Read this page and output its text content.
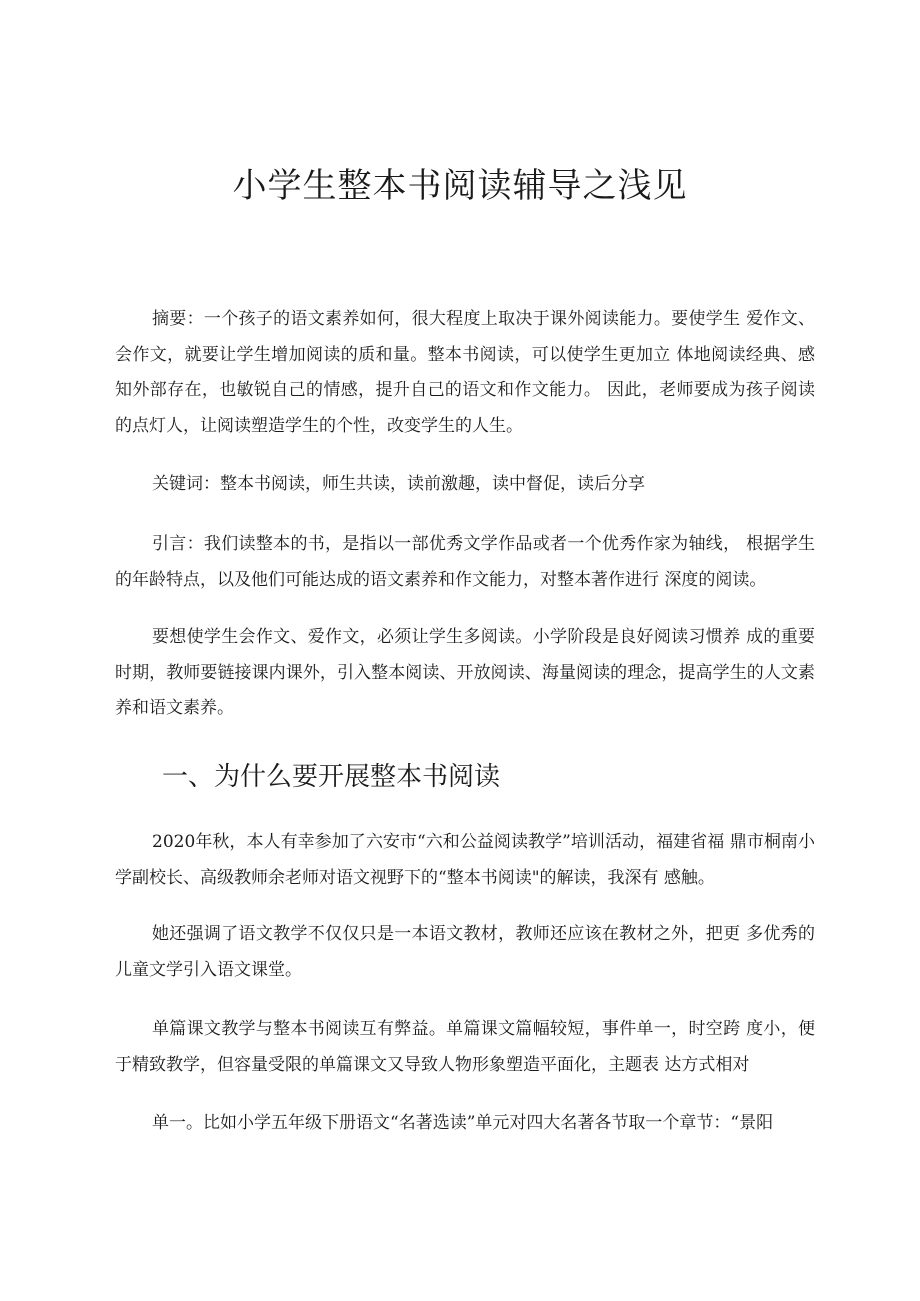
小学生整本书阅读辅导之浅见

摘要：一个孩子的语文素养如何，很大程度上取决于课外阅读能力。要使学生 爱作文、会作文，就要让学生增加阅读的质和量。整本书阅读，可以使学生更加立 体地阅读经典、感知外部存在，也敏锐自己的情感，提升自己的语文和作文能力。 因此，老师要成为孩子阅读的点灯人，让阅读塑造学生的个性，改变学生的人生。

关键词：整本书阅读，师生共读，读前激趣，读中督促，读后分享

引言：我们读整本的书，是指以一部优秀文学作品或者一个优秀作家为轴线， 根据学生的年龄特点，以及他们可能达成的语文素养和作文能力，对整本著作进行 深度的阅读。

要想使学生会作文、爱作文，必须让学生多阅读。小学阶段是良好阅读习惯养 成的重要时期，教师要链接课内课外，引入整本阅读、开放阅读、海量阅读的理念，提高学生的人文素养和语文素养。

一、为什么要开展整本书阅读

2020年秋，本人有幸参加了六安市“六和公益阅读教学”培训活动，福建省福 鼎市桐南小学副校长、高级教师余老师对语文视野下的“整本书阅读"的解读，我深有 感触。

她还强调了语文教学不仅仅只是一本语文教材，教师还应该在教材之外，把更 多优秀的儿童文学引入语文课堂。

单篇课文教学与整本书阅读互有弊益。单篇课文篇幅较短，事件单一，时空跨 度小，便于精致教学，但容量受限的单篇课文又导致人物形象塑造平面化，主题表 达方式相对

单一。比如小学五年级下册语文“名著选读”单元对四大名著各节取一个章节：“景阳
